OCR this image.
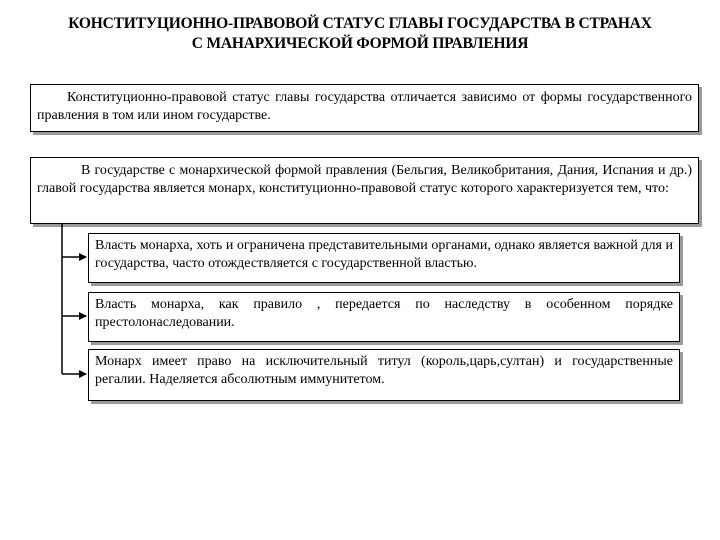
КОНСТИТУЦИОННО-ПРАВОВОЙ СТАТУС ГЛАВЫ ГОСУДАРСТВА В СТРАНАХ
С МАНАРХИЧЕСКОЙ ФОРМОЙ ПРАВЛЕНИЯ
Конституционно-правовой статус главы государства отличается зависимо от формы государственного правления в том или ином государстве.
В государстве с монархической формой правления (Бельгия, Великобритания, Дания, Испания и др.) главой государства является монарх, конституционно-правовой статус которого характеризуется тем, что:
Власть монарха, хоть и ограничена представительными органами, однако является важной для и государства, часто отождествляется с государственной властью.
Власть монарха, как правило , передается по наследству в особенном порядке престолонаследовании.
Монарх имеет право на исключительный титул (король,царь,султан) и государственные регалии. Наделяется абсолютным иммунитетом.
